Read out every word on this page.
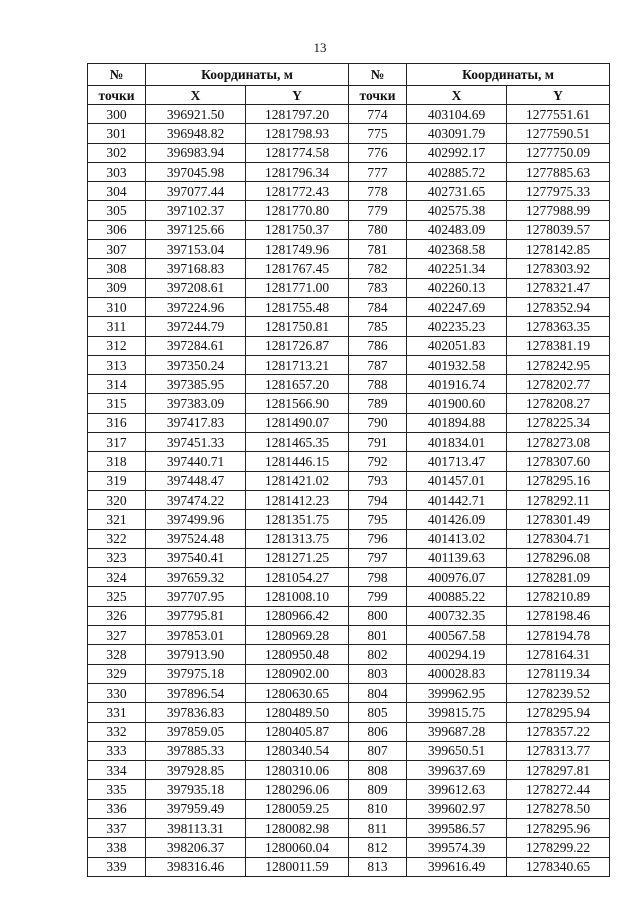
13
№	Координаты, м		№	Координаты, м	
точки	X	Y	точки	X	Y
300	396921.50	1281797.20	774	403104.69	1277551.61
301	396948.82	1281798.93	775	403091.79	1277590.51
302	396983.94	1281774.58	776	402992.17	1277750.09
303	397045.98	1281796.34	777	402885.72	1277885.63
304	397077.44	1281772.43	778	402731.65	1277975.33
305	397102.37	1281770.80	779	402575.38	1277988.99
306	397125.66	1281750.37	780	402483.09	1278039.57
307	397153.04	1281749.96	781	402368.58	1278142.85
308	397168.83	1281767.45	782	402251.34	1278303.92
309	397208.61	1281771.00	783	402260.13	1278321.47
310	397224.96	1281755.48	784	402247.69	1278352.94
311	397244.79	1281750.81	785	402235.23	1278363.35
312	397284.61	1281726.87	786	402051.83	1278381.19
313	397350.24	1281713.21	787	401932.58	1278242.95
314	397385.95	1281657.20	788	401916.74	1278202.77
315	397383.09	1281566.90	789	401900.60	1278208.27
316	397417.83	1281490.07	790	401894.88	1278225.34
317	397451.33	1281465.35	791	401834.01	1278273.08
318	397440.71	1281446.15	792	401713.47	1278307.60
319	397448.47	1281421.02	793	401457.01	1278295.16
320	397474.22	1281412.23	794	401442.71	1278292.11
321	397499.96	1281351.75	795	401426.09	1278301.49
322	397524.48	1281313.75	796	401413.02	1278304.71
323	397540.41	1281271.25	797	401139.63	1278296.08
324	397659.32	1281054.27	798	400976.07	1278281.09
325	397707.95	1281008.10	799	400885.22	1278210.89
326	397795.81	1280966.42	800	400732.35	1278198.46
327	397853.01	1280969.28	801	400567.58	1278194.78
328	397913.90	1280950.48	802	400294.19	1278164.31
329	397975.18	1280902.00	803	400028.83	1278119.34
330	397896.54	1280630.65	804	399962.95	1278239.52
331	397836.83	1280489.50	805	399815.75	1278295.94
332	397859.05	1280405.87	806	399687.28	1278357.22
333	397885.33	1280340.54	807	399650.51	1278313.77
334	397928.85	1280310.06	808	399637.69	1278297.81
335	397935.18	1280296.06	809	399612.63	1278272.44
336	397959.49	1280059.25	810	399602.97	1278278.50
337	398113.31	1280082.98	811	399586.57	1278295.96
338	398206.37	1280060.04	812	399574.39	1278299.22
339	398316.46	1280011.59	813	399616.49	1278340.65
